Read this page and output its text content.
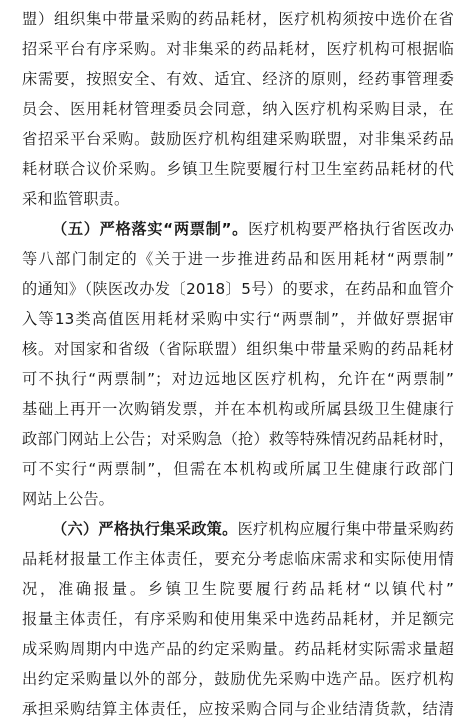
盟）组织集中带量采购的药品耗材，医疗机构须按中选价在省
招采平台有序采购。对非集采的药品耗材，医疗机构可根据临
床需要，按照安全、有效、适宜、经济的原则，经药事管理委
员会、医用耗材管理委员会同意，纳入医疗机构采购目录，在
省招采平台采购。鼓励医疗机构组建采购联盟，对非集采药品
耗材联合议价采购。乡镇卫生院要履行村卫生室药品耗材的代
采和监管职责。
（五）严格落实“两票制”。医疗机构要严格执行省医改办
等八部门制定的《关于进一步推进药品和医用耗材“两票制”
的通知》（陕医改办发〔2018〕5号）的要求，在药品和血管介
入等13类高值医用耗材采购中实行“两票制”，并做好票据审
核。对国家和省级（省际联盟）组织集中带量采购的药品耗材
可不执行“两票制”；对边远地区医疗机构，允许在“两票制”
基础上再开一次购销发票，并在本机构或所属县级卫生健康行
政部门网站上公告；对采购急（抢）救等特殊情况药品耗材时，
可不实行“两票制”，但需在本机构或所属卫生健康行政部门
网站上公告。
（六）严格执行集采政策。医疗机构应履行集中带量采购药
品耗材报量工作主体责任，要充分考虑临床需求和实际使用情
况，准确报量。乡镇卫生院要履行药品耗材“以镇代村”
报量主体责任，有序采购和使用集采中选药品耗材，并足额完
成采购周期内中选产品的约定采购量。药品耗材实际需求量超
出约定采购量以外的部分，鼓励优先采购中选产品。医疗机构
承担采购结算主体责任，应按采购合同与企业结清货款，结清
